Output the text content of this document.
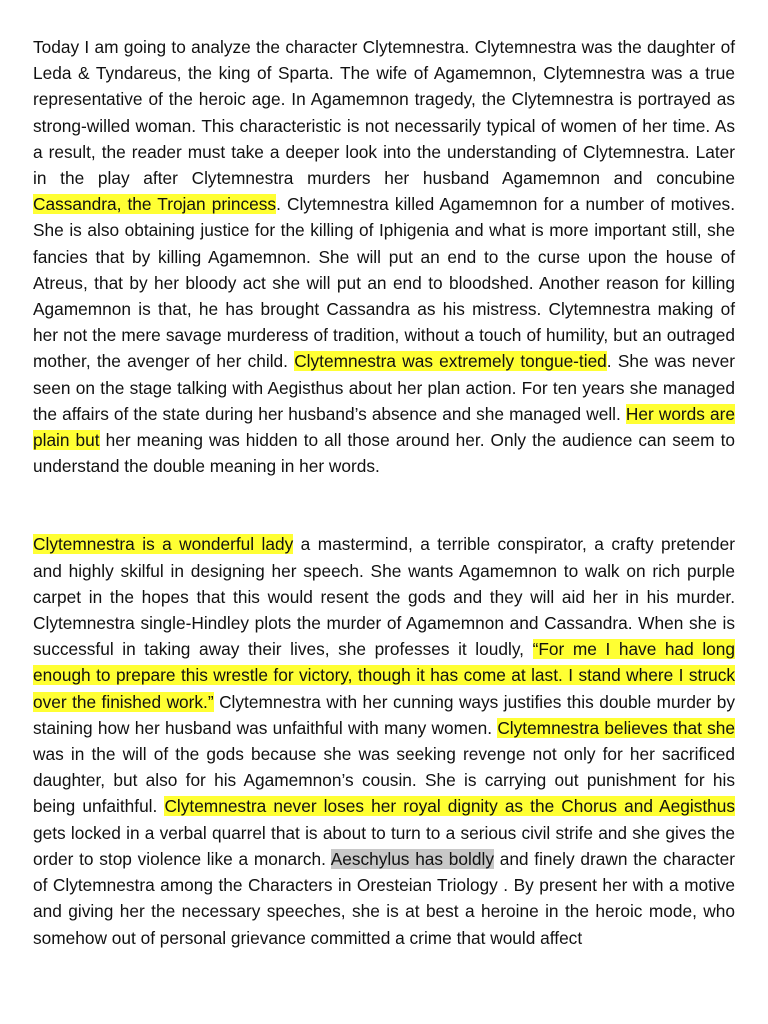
Today I am going to analyze the character Clytemnestra. Clytemnestra was the daughter of Leda & Tyndareus, the king of Sparta. The wife of Agamemnon, Clytemnestra was a true representative of the heroic age. In Agamemnon tragedy, the Clytemnestra is portrayed as strong-willed woman. This characteristic is not necessarily typical of women of her time. As a result, the reader must take a deeper look into the understanding of Clytemnestra. Later in the play after Clytemnestra murders her husband Agamemnon and concubine Cassandra, the Trojan princess. Clytemnestra killed Agamemnon for a number of motives. She is also obtaining justice for the killing of Iphigenia and what is more important still, she fancies that by killing Agamemnon. She will put an end to the curse upon the house of Atreus, that by her bloody act she will put an end to bloodshed. Another reason for killing Agamemnon is that, he has brought Cassandra as his mistress. Clytemnestra making of her not the mere savage murderess of tradition, without a touch of humility, but an outraged mother, the avenger of her child. Clytemnestra was extremely tongue-tied. She was never seen on the stage talking with Aegisthus about her plan action. For ten years she managed the affairs of the state during her husband’s absence and she managed well. Her words are plain but her meaning was hidden to all those around her. Only the audience can seem to understand the double meaning in her words.

Clytemnestra is a wonderful lady a mastermind, a terrible conspirator, a crafty pretender and highly skilful in designing her speech. She wants Agamemnon to walk on rich purple carpet in the hopes that this would resent the gods and they will aid her in his murder. Clytemnestra single-Hindley plots the murder of Agamemnon and Cassandra. When she is successful in taking away their lives, she professes it loudly, “For me I have had long enough to prepare this wrestle for victory, though it has come at last. I stand where I struck over the finished work.” Clytemnestra with her cunning ways justifies this double murder by staining how her husband was unfaithful with many women. Clytemnestra believes that she was in the will of the gods because she was seeking revenge not only for her sacrificed daughter, but also for his Agamemnon’s cousin. She is carrying out punishment for his being unfaithful. Clytemnestra never loses her royal dignity as the Chorus and Aegisthus gets locked in a verbal quarrel that is about to turn to a serious civil strife and she gives the order to stop violence like a monarch. Aeschylus has boldly and finely drawn the character of Clytemnestra among the Characters in Oresteian Triology . By present her with a motive and giving her the necessary speeches, she is at best a heroine in the heroic mode, who somehow out of personal grievance committed a crime that would affect
